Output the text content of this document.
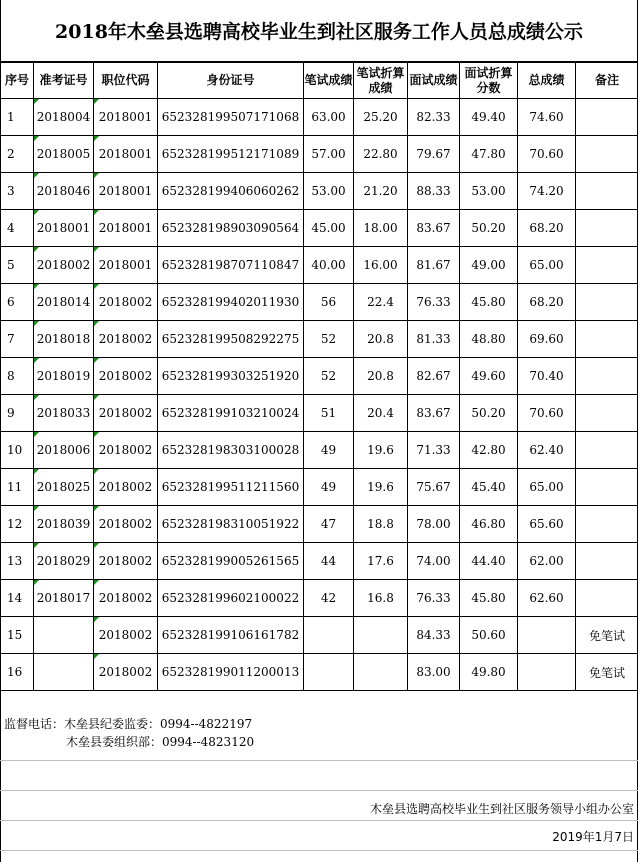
2018年木垒县选聘高校毕业生到社区服务工作人员总成绩公示
序号	准考证号	职位代码	身份证号	笔试成绩	笔试折算成绩	面试成绩	面试折算分数	总成绩	备注
1	2018004	2018001	652328199507171068	63.00	25.20	82.33	49.40	74.60	
2	2018005	2018001	652328199512171089	57.00	22.80	79.67	47.80	70.60	
3	2018046	2018001	652328199406060262	53.00	21.20	88.33	53.00	74.20	
4	2018001	2018001	652328198903090564	45.00	18.00	83.67	50.20	68.20	
5	2018002	2018001	652328198707110847	40.00	16.00	81.67	49.00	65.00	
6	2018014	2018002	652328199402011930	56	22.4	76.33	45.80	68.20	
7	2018018	2018002	652328199508292275	52	20.8	81.33	48.80	69.60	
8	2018019	2018002	652328199303251920	52	20.8	82.67	49.60	70.40	
9	2018033	2018002	652328199103210024	51	20.4	83.67	50.20	70.60	
10	2018006	2018002	652328198303100028	49	19.6	71.33	42.80	62.40	
11	2018025	2018002	652328199511211560	49	19.6	75.67	45.40	65.00	
12	2018039	2018002	652328198310051922	47	18.8	78.00	46.80	65.60	
13	2018029	2018002	652328199005261565	44	17.6	74.00	44.40	62.00	
14	2018017	2018002	652328199602100022	42	16.8	76.33	45.80	62.60	
15		2018002	652328199106161782			84.33	50.60		免笔试
16		2018002	652328199011200013			83.00	49.80		免笔试
监督电话：木垒县纪委监委：0994--4822197
木垒县委组织部：0994--4823120
木垒县选聘高校毕业生到社区服务领导小组办公室
2019年1月7日
